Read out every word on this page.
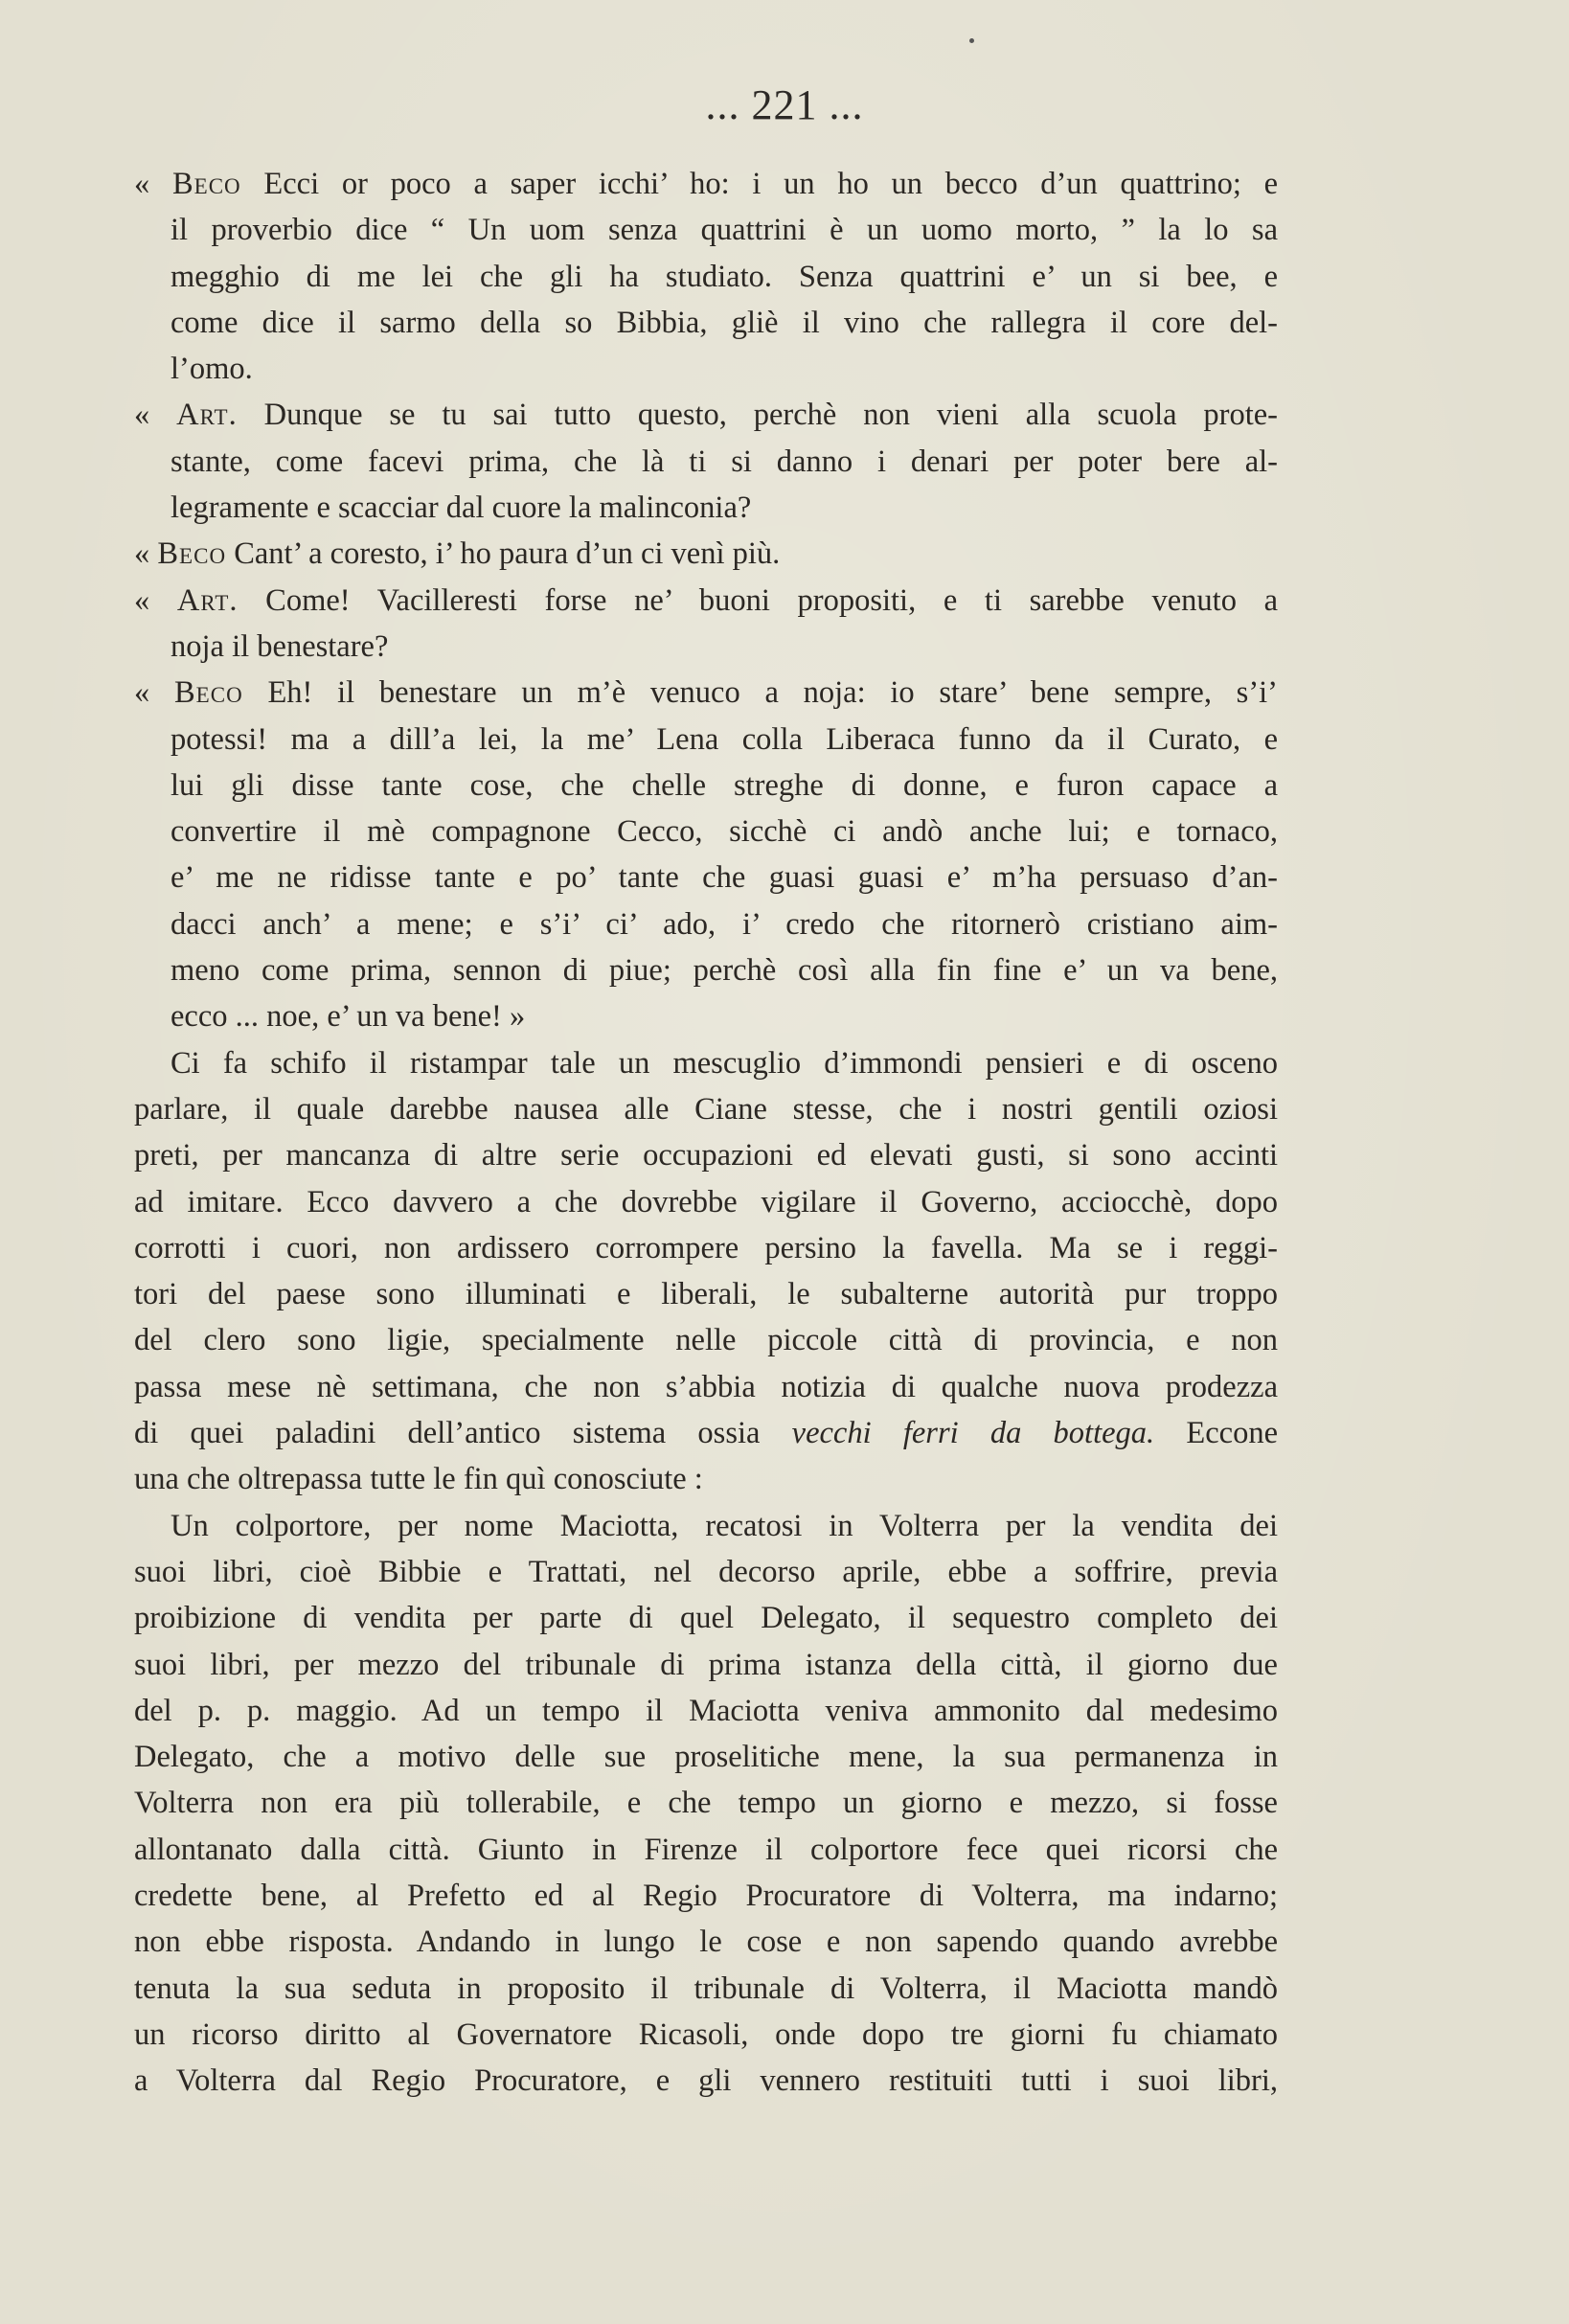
... 221 ...
« Beco Ecci or poco a saper icchi’ ho: i un ho un becco d’un quattrino; e
il proverbio dice “ Un uom senza quattrini è un uomo morto, ” la lo sa
megghio di me lei che gli ha studiato. Senza quattrini e’ un si bee, e
come dice il sarmo della so Bibbia, gliè il vino che rallegra il core del-
l’omo.
« Art. Dunque se tu sai tutto questo, perchè non vieni alla scuola prote-
stante, come facevi prima, che là ti si danno i denari per poter bere al-
legramente e scacciar dal cuore la malinconia?
« Beco Cant’ a coresto, i’ ho paura d’un ci venì più.
« Art. Come! Vacilleresti forse ne’ buoni propositi, e ti sarebbe venuto a
noja il benestare?
« Beco Eh! il benestare un m’è venuco a noja: io stare’ bene sempre, s’i’
potessi! ma a dill’a lei, la me’ Lena colla Liberaca funno da il Curato, e
lui gli disse tante cose, che chelle streghe di donne, e furon capace a
convertire il mè compagnone Cecco, sicchè ci andò anche lui; e tornaco,
e’ me ne ridisse tante e po’ tante che guasi guasi e’ m’ha persuaso d’an-
dacci anch’ a mene; e s’i’ ci’ ado, i’ credo che ritornerò cristiano aim-
meno come prima, sennon di piue; perchè così alla fin fine e’ un va bene,
ecco ... noe, e’ un va bene! »
Ci fa schifo il ristampar tale un mescuglio d’immondi pensieri e di osceno
parlare, il quale darebbe nausea alle Ciane stesse, che i nostri gentili oziosi
preti, per mancanza di altre serie occupazioni ed elevati gusti, si sono accinti
ad imitare. Ecco davvero a che dovrebbe vigilare il Governo, acciocchè, dopo
corrotti i cuori, non ardissero corrompere persino la favella. Ma se i reggi-
tori del paese sono illuminati e liberali, le subalterne autorità pur troppo
del clero sono ligie, specialmente nelle piccole città di provincia, e non
passa mese nè settimana, che non s’abbia notizia di qualche nuova prodezza
di quei paladini dell’antico sistema ossia vecchi ferri da bottega. Eccone
una che oltrepassa tutte le fin quì conosciute :
Un colportore, per nome Maciotta, recatosi in Volterra per la vendita dei
suoi libri, cioè Bibbie e Trattati, nel decorso aprile, ebbe a soffrire, previa
proibizione di vendita per parte di quel Delegato, il sequestro completo dei
suoi libri, per mezzo del tribunale di prima istanza della città, il giorno due
del p. p. maggio. Ad un tempo il Maciotta veniva ammonito dal medesimo
Delegato, che a motivo delle sue proselitiche mene, la sua permanenza in
Volterra non era più tollerabile, e che tempo un giorno e mezzo, si fosse
allontanato dalla città. Giunto in Firenze il colportore fece quei ricorsi che
credette bene, al Prefetto ed al Regio Procuratore di Volterra, ma indarno;
non ebbe risposta. Andando in lungo le cose e non sapendo quando avrebbe
tenuta la sua seduta in proposito il tribunale di Volterra, il Maciotta mandò
un ricorso diritto al Governatore Ricasoli, onde dopo tre giorni fu chiamato
a Volterra dal Regio Procuratore, e gli vennero restituiti tutti i suoi libri,
